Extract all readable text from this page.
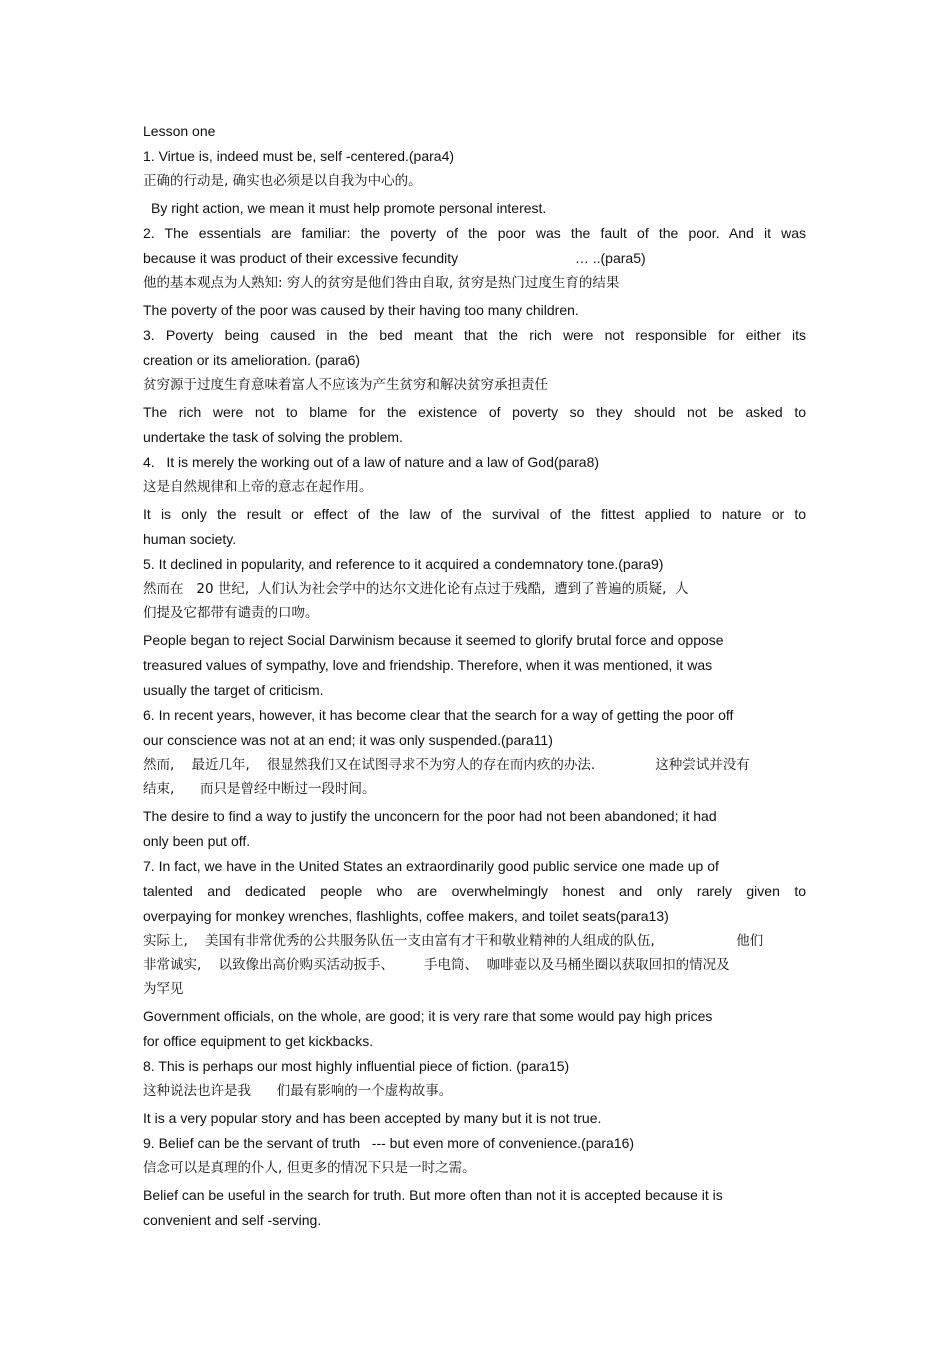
Lesson one
1. Virtue is, indeed must be, self -centered.(para4)
正确的行动是, 确实也必须是以自我为中心的。
By right action, we mean it must help promote personal interest.
2. The essentials are familiar: the poverty of the poor was the fault of the poor. And it was
because it was product of their excessive fecundity                              … ..(para5)
他的基本观点为人熟知: 穷人的贫穷是他们咎由自取, 贫穷是热门过度生育的结果
The poverty of the poor was caused by their having too many children.
3. Poverty being caused in the bed meant that the rich were not responsible for either its
creation or its amelioration. (para6)
贫穷源于过度生育意味着富人不应该为产生贫穷和解决贫穷承担责任
The rich were not to blame for the existence of poverty so they should not be asked to
undertake the task of solving the problem.
4.   It is merely the working out of a law of nature and a law of God(para8)
这是自然规律和上帝的意志在起作用。
It is only the result or effect of the law of the survival of the fittest applied to nature or to
human society.
5. It declined in popularity, and reference to it acquired a condemnatory tone.(para9)
然而在   20 世纪,  人们认为社会学中的达尔文进化论有点过于残酷,  遭到了普遍的质疑,  人
们提及它都带有谴责的口吻。
People began to reject Social Darwinism because it seemed to glorify brutal force and oppose
treasured values of sympathy, love and friendship. Therefore, when it was mentioned, it was
usually the target of criticism.
6. In recent years, however, it has become clear that the search for a way of getting the poor off
our conscience was not at an end; it was only suspended.(para11)
然而,    最近几年,    很显然我们又在试图寻求不为穷人的存在而内疚的办法.              这种尝试并没有
结束,      而只是曾经中断过一段时间。
The desire to find a way to justify the unconcern for the poor had not been abandoned; it had
only been put off.
7. In fact, we have in the United States an extraordinarily good public service one made up of
talented and dedicated people who are overwhelmingly honest and only rarely given to
overpaying for monkey wrenches, flashlights, coffee makers, and toilet seats(para13)
实际上,    美国有非常优秀的公共服务队伍一支由富有才干和敬业精神的人组成的队伍,                   他们
非常诚实,    以致像出高价购买活动扳手、       手电筒、  咖啡壶以及马桶坐圈以获取回扣的情况及
为罕见
Government officials, on the whole, are good; it is very rare that some would pay high prices
for office equipment to get kickbacks.
8. This is perhaps our most highly influential piece of fiction. (para15)
这种说法也许是我      们最有影响的一个虚构故事。
It is a very popular story and has been accepted by many but it is not true.
9. Belief can be the servant of truth   --- but even more of convenience.(para16)
信念可以是真理的仆人, 但更多的情况下只是一时之需。
Belief can be useful in the search for truth. But more often than not it is accepted because it is
convenient and self -serving.
